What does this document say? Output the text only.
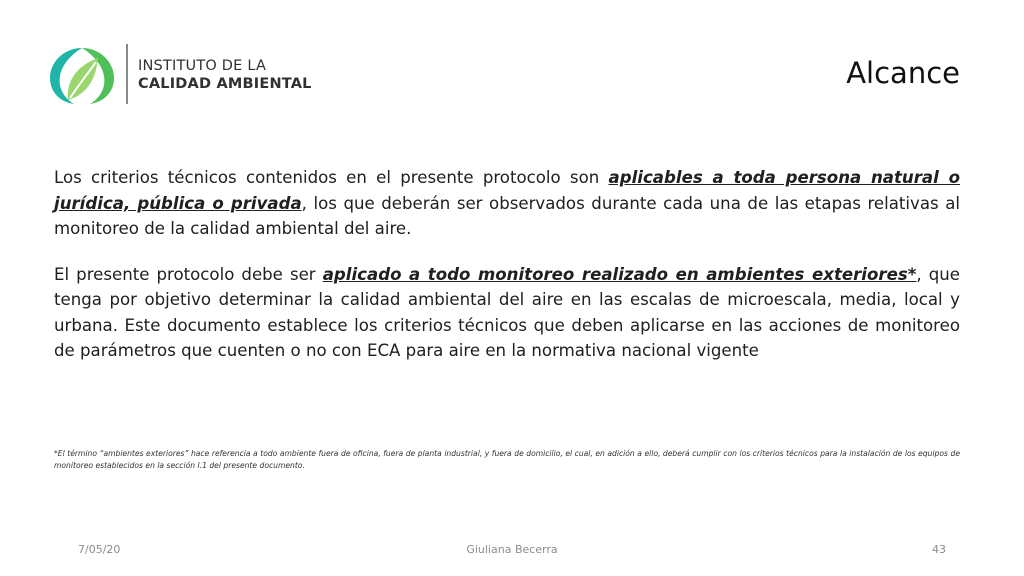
INSTITUTO DE LA
CALIDAD AMBIENTAL	Alcance

Los criterios técnicos contenidos en el presente protocolo son aplicables a toda persona natural o jurídica, pública o privada, los que deberán ser observados durante cada una de las etapas relativas al monitoreo de la calidad ambiental del aire.

El presente protocolo debe ser aplicado a todo monitoreo realizado en ambientes exteriores*, que tenga por objetivo determinar la calidad ambiental del aire en las escalas de microescala, media, local y urbana. Este documento establece los criterios técnicos que deben aplicarse en las acciones de monitoreo de parámetros que cuenten o no con ECA para aire en la normativa nacional vigente

*El término “ambientes exteriores” hace referencia a todo ambiente fuera de oficina, fuera de planta industrial, y fuera de domicilio, el cual, en adición a ello, deberá cumplir con los criterios técnicos para la instalación de los equipos de monitoreo establecidos en la sección I.1 del presente documento.

7/05/20	Giuliana Becerra	43
